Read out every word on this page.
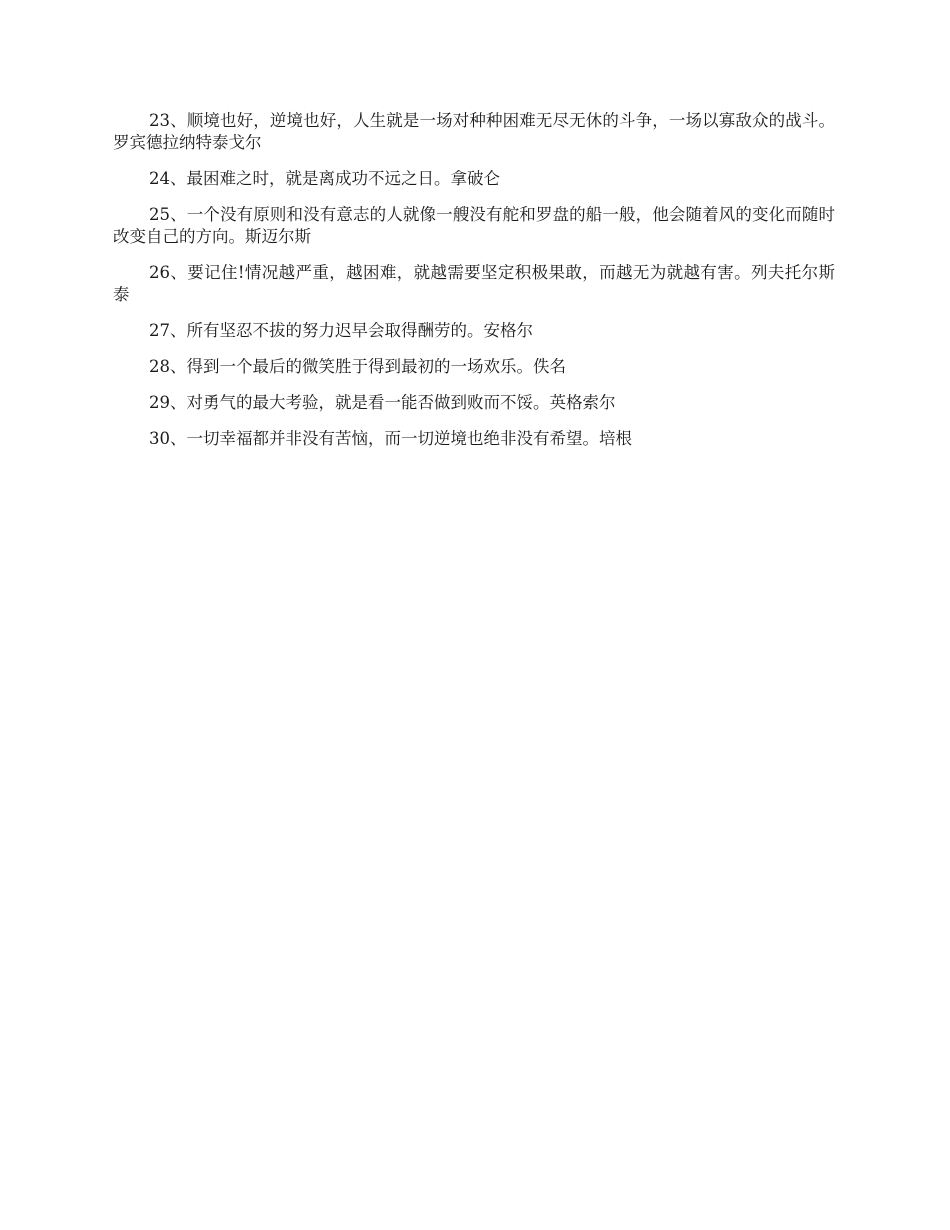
23、顺境也好，逆境也好，人生就是一场对种种困难无尽无休的斗争，一场以寡敌众的战斗。罗宾德拉纳特泰戈尔

24、最困难之时，就是离成功不远之日。拿破仑

25、一个没有原则和没有意志的人就像一艘没有舵和罗盘的船一般，他会随着风的变化而随时改变自己的方向。斯迈尔斯

26、要记住!情况越严重，越困难，就越需要坚定积极果敢，而越无为就越有害。列夫托尔斯泰

27、所有坚忍不拔的努力迟早会取得酬劳的。安格尔

28、得到一个最后的微笑胜于得到最初的一场欢乐。佚名

29、对勇气的最大考验，就是看一能否做到败而不馁。英格索尔

30、一切幸福都并非没有苦恼，而一切逆境也绝非没有希望。培根
